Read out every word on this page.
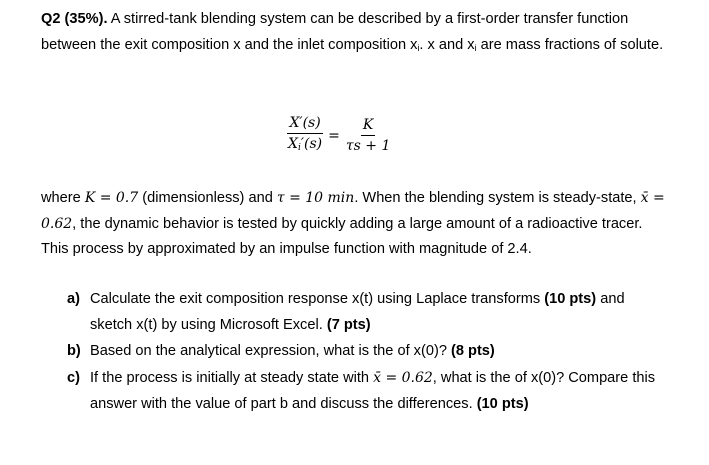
Q2 (35%). A stirred-tank blending system can be described by a first-order transfer function between the exit composition x and the inlet composition $x_i$. x and $x_i$ are mass fractions of solute.
$\frac{X'(s)}{X_i'(s)} = \frac{K}{\tau s + 1}$
where K = 0.7 (dimensionless) and τ = 10 min. When the blending system is steady-state, x̄ = 0.62, the dynamic behavior is tested by quickly adding a large amount of a radioactive tracer. This process by approximated by an impulse function with magnitude of 2.4.
a) Calculate the exit composition response x(t) using Laplace transforms (10 pts) and sketch x(t) by using Microsoft Excel. (7 pts)
b) Based on the analytical expression, what is the of x(0)? (8 pts)
c) If the process is initially at steady state with x̄ = 0.62, what is the of x(0)? Compare this answer with the value of part b and discuss the differences. (10 pts)
